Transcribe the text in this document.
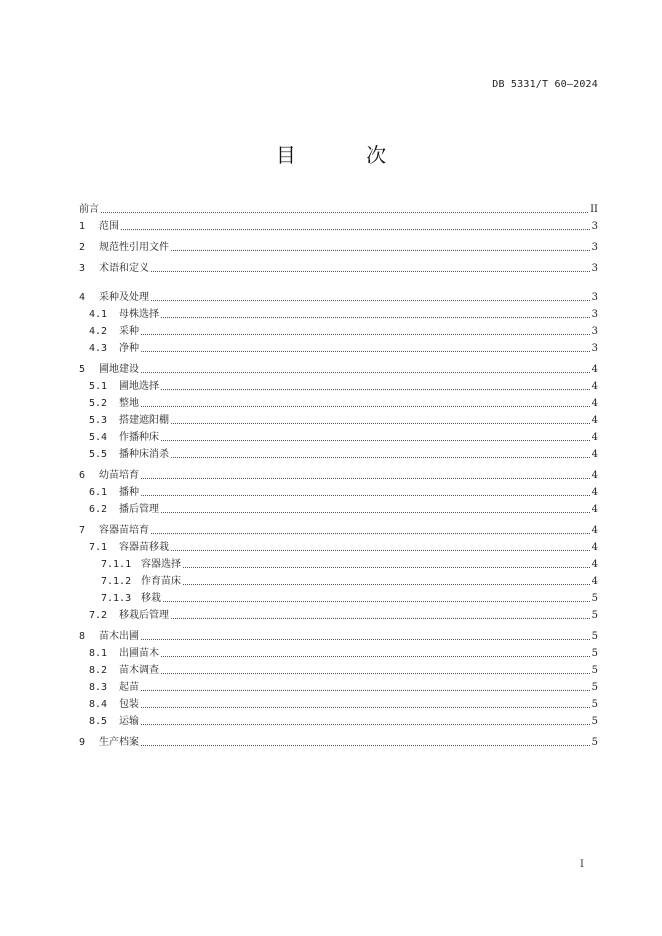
DB 5331/T 60—2024
目 次
前言	II
1	范围	3
2	规范性引用文件	3
3	术语和定义	3
4	采种及处理	3
4.1	母株选择	3
4.2	采种	3
4.3	净种	3
5	圃地建设	4
5.1	圃地选择	4
5.2	整地	4
5.3	搭建遮阳棚	4
5.4	作播种床	4
5.5	播种床消杀	4
6	幼苗培育	4
6.1	播种	4
6.2	播后管理	4
7	容器苗培育	4
7.1	容器苗移栽	4
7.1.1 容器选择	4
7.1.2 作育苗床	4
7.1.3 移栽	5
7.2	移栽后管理	5
8	苗木出圃	5
8.1	出圃苗木	5
8.2	苗木调查	5
8.3	起苗	5
8.4	包装	5
8.5	运输	5
9	生产档案	5
I
